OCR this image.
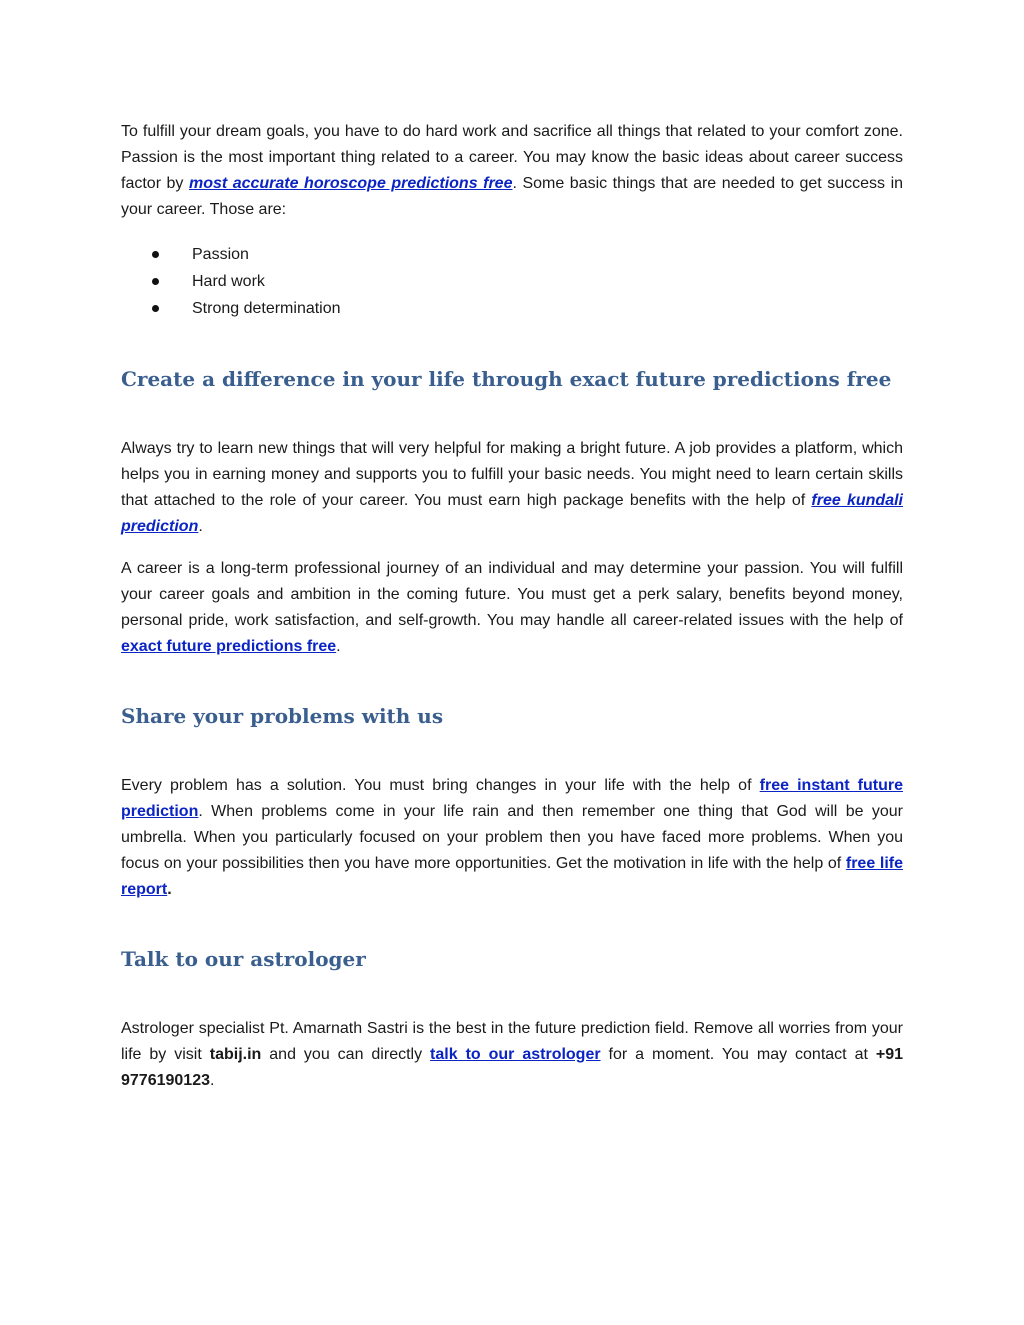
To fulfill your dream goals, you have to do hard work and sacrifice all things that related to your comfort zone. Passion is the most important thing related to a career. You may know the basic ideas about career success factor by most accurate horoscope predictions free. Some basic things that are needed to get success in your career. Those are:

Passion
Hard work
Strong determination
Create a difference in your life through exact future predictions free

Always try to learn new things that will very helpful for making a bright future. A job provides a platform, which helps you in earning money and supports you to fulfill your basic needs. You might need to learn certain skills that attached to the role of your career. You must earn high package benefits with the help of free kundali prediction.

A career is a long-term professional journey of an individual and may determine your passion. You will fulfill your career goals and ambition in the coming future. You must get a perk salary, benefits beyond money, personal pride, work satisfaction, and self-growth. You may handle all career-related issues with the help of exact future predictions free.

Share your problems with us

Every problem has a solution. You must bring changes in your life with the help of free instant future prediction. When problems come in your life rain and then remember one thing that God will be your umbrella. When you particularly focused on your problem then you have faced more problems. When you focus on your possibilities then you have more opportunities. Get the motivation in life with the help of free life report.

Talk to our astrologer

Astrologer specialist Pt. Amarnath Sastri is the best in the future prediction field. Remove all worries from your life by visit tabij.in and you can directly talk to our astrologer for a moment. You may contact at +91 9776190123.
